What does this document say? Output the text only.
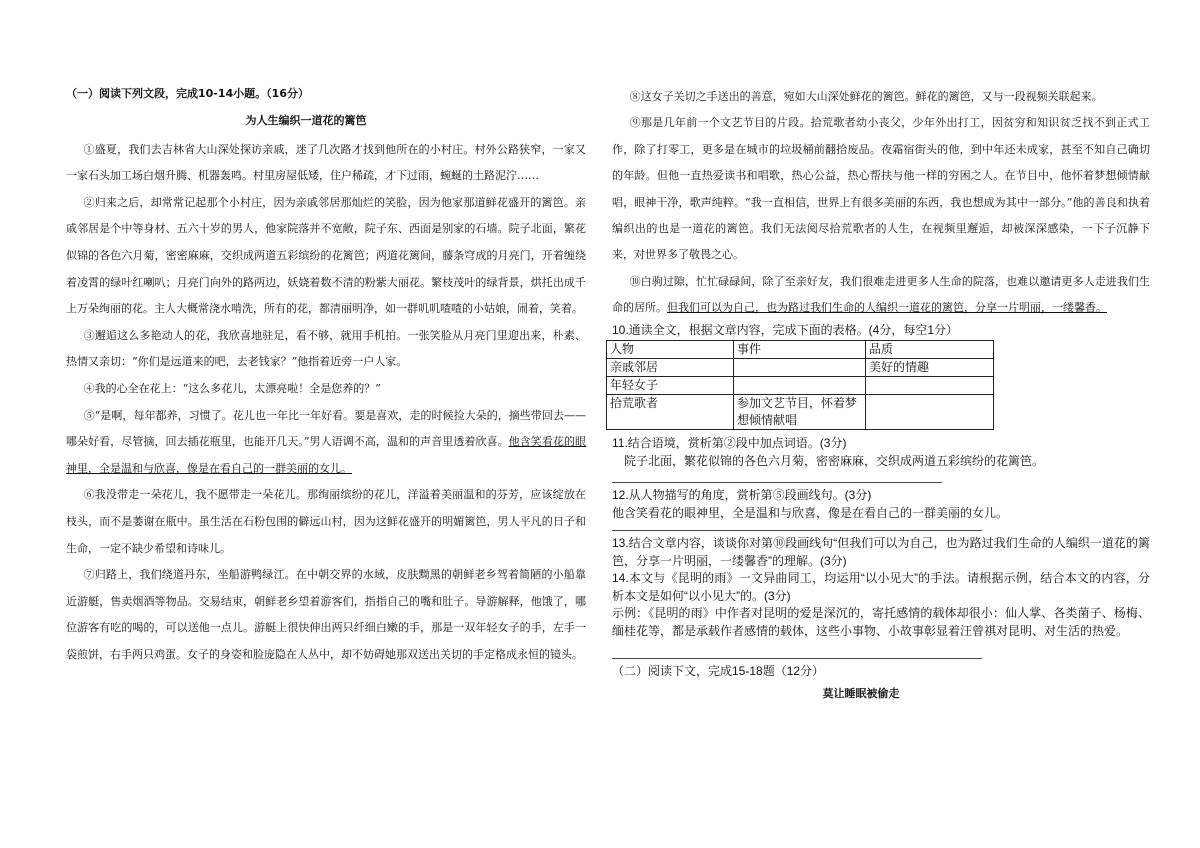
（一）阅读下列文段，完成10-14小题。（16分）
为人生编织一道花的篱笆

①盛夏，我们去吉林省大山深处探访亲戚，迷了几次路才找到他所在的小村庄。村外公路狭窄，一家又一家石头加工场白烟升腾、机器轰鸣。村里房屋低矮，住户稀疏，才下过雨，蜿蜒的土路泥泞……

②归来之后，却常常记起那个小村庄，因为亲戚邻居那灿烂的笑脸，因为他家那道鲜花盛开的篱笆。亲戚邻居是个中等身材、五六十岁的男人，他家院落并不宽敞，院子东、西面是别家的石墙。院子北面，繁花似锦的各色六月菊，密密麻麻，交织成两道五彩缤纷的花篱笆；两道花篱间，藤条穹成的月亮门，开着缠绕着凌霄的绿叶红喇叭；月亮门向外的路两边，妖娆着数不清的粉紫大丽花。繁枝茂叶的绿背景，烘托出成千上万朵绚丽的花。主人大概常浇水啃洗，所有的花，都清丽明净，如一群叽叽喳喳的小姑娘，闹着，笑着。

③邂逅这么多艳动人的花，我欣喜地驻足，看不够，就用手机拍。一张笑脸从月亮门里迎出来，朴素、热情又亲切：“你们是远道来的吧，去老钱家？”他指着近旁一户人家。

④我的心全在花上：“这么多花儿，太漂亮啦！全是您养的？”

⑤“是啊，每年都养，习惯了。花儿也一年比一年好看。要是喜欢，走的时候捡大朵的，摘些带回去——哪朵好看，尽管摘，回去插花瓶里，也能开几天。”男人语调不高，温和的声音里透着欣喜。他含笑看花的眼神里，全是温和与欣喜，像是在看自己的一群美丽的女儿。

⑥我没带走一朵花儿，我不愿带走一朵花儿。那绚丽缤纷的花儿，洋溢着美丽温和的芬芳，应该绽放在枝头，而不是萎谢在瓶中。虽生活在石粉包围的僻远山村，因为这鲜花盛开的明媚篱笆，男人平凡的日子和生命，一定不缺少希望和诗味儿。

⑦归路上，我们绕道丹东，坐船游鸭绿江。在中朝交界的水域，皮肤黝黑的朝鲜老乡驾着简陋的小船靠近游艇，售卖烟酒等物品。交易结束，朝鲜老乡望着游客们，指指自己的嘴和肚子。导游解释，他饿了，哪位游客有吃的喝的，可以送他一点儿。游艇上很快伸出两只纤细白嫩的手，那是一双年轻女子的手，左手一袋煎饼，右手两只鸡蛋。女子的身姿和脸庞隐在人丛中，却不妨碍她那双送出关切的手定格成永恒的镜头。

⑧这女子关切之手送出的善意，宛如大山深处鲜花的篱笆。鲜花的篱笆，又与一段视频关联起来。

⑨那是几年前一个文艺节目的片段。拾荒歌者幼小丧父，少年外出打工，因贫穷和知识贫乏找不到正式工作，除了打零工，更多是在城市的垃圾桶前翻拾废品。夜霜宿街头的他，到中年还未成家，甚至不知自己确切的年龄。但他一直热爱读书和唱歌，热心公益，热心帮扶与他一样的穷困之人。在节目中，他怀着梦想倾情献唱，眼神干净，歌声纯粹。“我一直相信，世界上有很多美丽的东西，我也想成为其中一部分。”他的善良和执着编织出的也是一道花的篱笆。我们无法阅尽拾荒歌者的人生，在视频里邂逅，却被深深感染，一下子沉静下来，对世界多了敬畏之心。

⑩白驹过隙，忙忙碌碌间，除了至亲好友，我们很难走进更多人生命的院落，也难以邀请更多人走进我们生命的居所。但我们可以为自己，也为路过我们生命的人编织一道花的篱笆，分享一片明丽，一缕馨香。

10.通读全文，根据文章内容，完成下面的表格。(4分，每空1分）

人物	事件	品质
亲戚邻居		美好的情趣
年轻女子		
拾荒歌者	参加文艺节目，怀着梦想倾情献唱	

11.结合语境，赏析第②段中加点词语。(3分)

院子北面，繁花似锦的各色六月菊，密密麻麻，交织成两道五彩缤纷的花篱笆。

12.从人物描写的角度，赏析第⑤段画线句。(3分)

他含笑看花的眼神里，全是温和与欣喜，像是在看自己的一群美丽的女儿。

13.结合文章内容，谈谈你对第⑩段画线句“但我们可以为自己，也为路过我们生命的人编织一道花的篱笆，分享一片明丽，一缕馨香”的理解。(3分)

14.本文与《昆明的雨》一文异曲同工，均运用“以小见大”的手法。请根据示例，结合本文的内容，分析本文是如何“以小见大”的。(3分)

示例：《昆明的雨》中作者对昆明的爱是深沉的，寄托感情的载体却很小：仙人掌、各类菌子、杨梅、缅桂花等，都是承载作者感情的载体，这些小事物、小故事彰显着汪曾祺对昆明、对生活的热爱。

（二）阅读下文，完成15-18题（12分）

莫让睡眠被偷走
